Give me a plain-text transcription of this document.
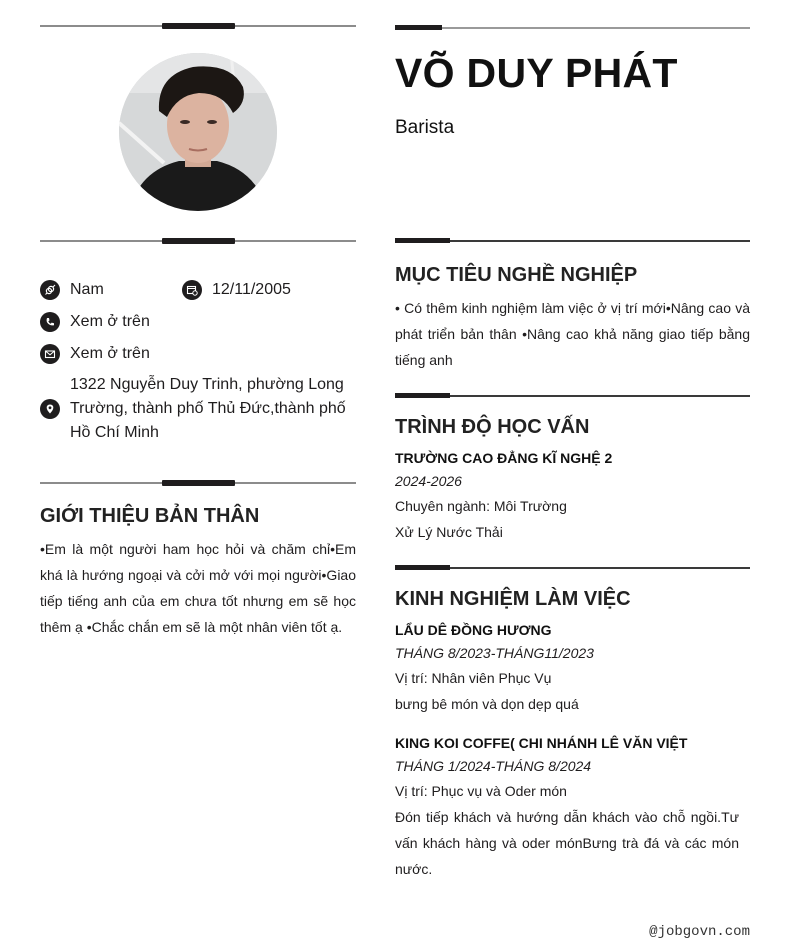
Nam	12/11/2005
Xem ở trên
Xem ở trên
1322 Nguyễn Duy Trinh, phường Long Trường, thành phố Thủ Đức,thành phố Hồ Chí Minh
GIỚI THIỆU BẢN THÂN
•Em là một người ham học hỏi và chăm chỉ•Em khá là hướng ngoại và cởi mở với mọi người•Giao tiếp tiếng anh của em chưa tốt nhưng em sẽ học thêm ạ •Chắc chắn em sẽ là một nhân viên tốt ạ.
VÕ DUY PHÁT
Barista
MỤC TIÊU NGHỀ NGHIỆP
• Có thêm kinh nghiệm làm việc ở vị trí mới•Nâng cao và phát triển bản thân •Nâng cao khả năng giao tiếp bằng tiếng anh
TRÌNH ĐỘ HỌC VẤN
TRƯỜNG CAO ĐẲNG KĨ NGHỆ 2
2024-2026
Chuyên ngành: Môi Trường
Xử Lý Nước Thải
KINH NGHIỆM LÀM VIỆC
LẨU DÊ ĐỒNG HƯƠNG
THÁNG 8/2023-THÁNG11/2023
Vị trí: Nhân viên Phục Vụ
bưng bê món và dọn dẹp quá
KING KOI COFFE( CHI NHÁNH LÊ VĂN VIỆT
THÁNG 1/2024-THÁNG 8/2024
Vị trí: Phục vụ và Oder món
Đón tiếp khách và hướng dẫn khách vào chỗ ngồi.Tư vấn khách hàng và oder mónBưng trà đá và các món nước.
@jobgovn.com
